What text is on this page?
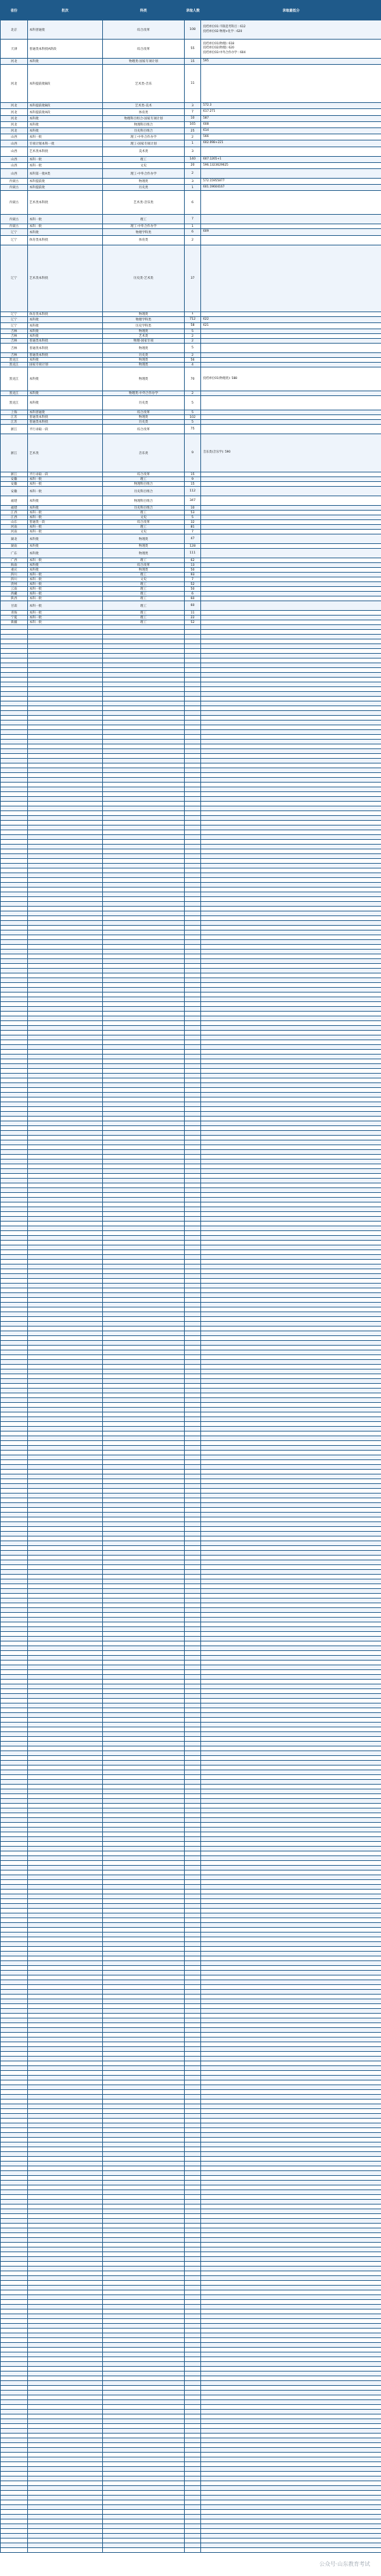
省份	批次	科类	录取人数	录取最低分
北京	本科普通批	综合改革	108	投档单位01:不限选考科目 : 612
投档单位02:物理+化学 : 620
天津	普通类本科批A阶段	综合改革	55	投档单位01(物理): 618
投档单位02(物理): 620
投档单位03:中外合作办学 : 604
河北	本科批	物理类·国家专项计划	15	595
河北	本科提前批B段	艺术类-音乐	11	
河北	本科提前批B段	艺术类-美术	3	572.3
河北	本科提前批A段	体育类	7	617.271
河北	本科批	物理科目组合-国家专项计划	10	587
河北	本科批	物理科目组合	165	608
河北	本科批	历史科目组合	25	614
山西	本科一批	理工-中外合作办学	2	566
山西	专项计划本科一批	理工-国家专项计划	1	602.098+221
山西	艺术类本科批	美术类	3	
山西	本科一批	理工	140	607.1265+1
山西	本科一批	文史	20	596.1323629625
山西	本科第一批A类	理工-中外合作办学	2	
内蒙古	本科提前批	物理类	3	572.15955877
内蒙古	本科提前批	历史类	1	601.19604167
内蒙古	艺术类本科批	艺术类-音乐类	6	
内蒙古	本科一批	理工	7	
内蒙古	本科一批	理工-中外合作办学	1	
辽宁	本科批	物理学科类	6	609
辽宁	体育类本科批	体育类	2	
辽宁	艺术类本科批	历史类·艺术类	37	
辽宁	体育类本科批	物理类	1	
辽宁	本科批	物理学科类	712	622
辽宁	本科批	历史学科类	58	621
吉林	本科批	物理类	5	
吉林	本科批	艺术类	2	
吉林	普通类本科批	物理-国家专项	2	
吉林	普通类本科批	物理类	5	
吉林	普通类本科批	历史类	2	
黑龙江	本科批	物理类	56	
黑龙江	国家专项计划	物理类	4	
黑龙江	本科批	物理类	70	投档单位01(物理类): 588
黑龙江	本科批	物理类-中外合作办学	2	
黑龙江	本科批	历史类	5	
上海	本科普通批	综合改革	5	
江苏	普通类本科批	物理类	102	
江苏	普通类本科批	历史类	5	
浙江	平行录取一段	综合改革	75	
浙江	艺术类	音乐类	9	音乐类(音乐学): 590
浙江	平行录取一段	综合改革	15	
安徽	本科一批	理工	9	
安徽	本科一批	物理科目组合	15	
安徽	本科一批	历史科目组合	112	
福建	本科批	物理科目组合	347	
福建	本科批	历史科目组合	10	
江西	本科一批	理工	53	
江西	本科一批	文史	5	
山东	普通类一段	综合改革	32	
河南	本科一批	理工	81	
河南	本科一批	文史	7	
湖北	本科批	物理类	47	
湖南	本科批	物理类	128	
广东	本科批	物理类	111	
广西	本科一批	理工	62	
海南	本科批	综合改革	13	
重庆	本科批	物理类	50	
四川	本科一批	理工	93	
四川	本科一批	文史	7	
贵州	本科一批	理工	52	
云南	本科一批	理工	50	
西藏	本科一批	理工	6	
陕西	本科一批	理工	60	
甘肃	本科一批	理工	60	
青海	本科一批	理工	11	
宁夏	本科一批	理工	22	
新疆	本科一批	理工	52	

公众号·山东教育考试
